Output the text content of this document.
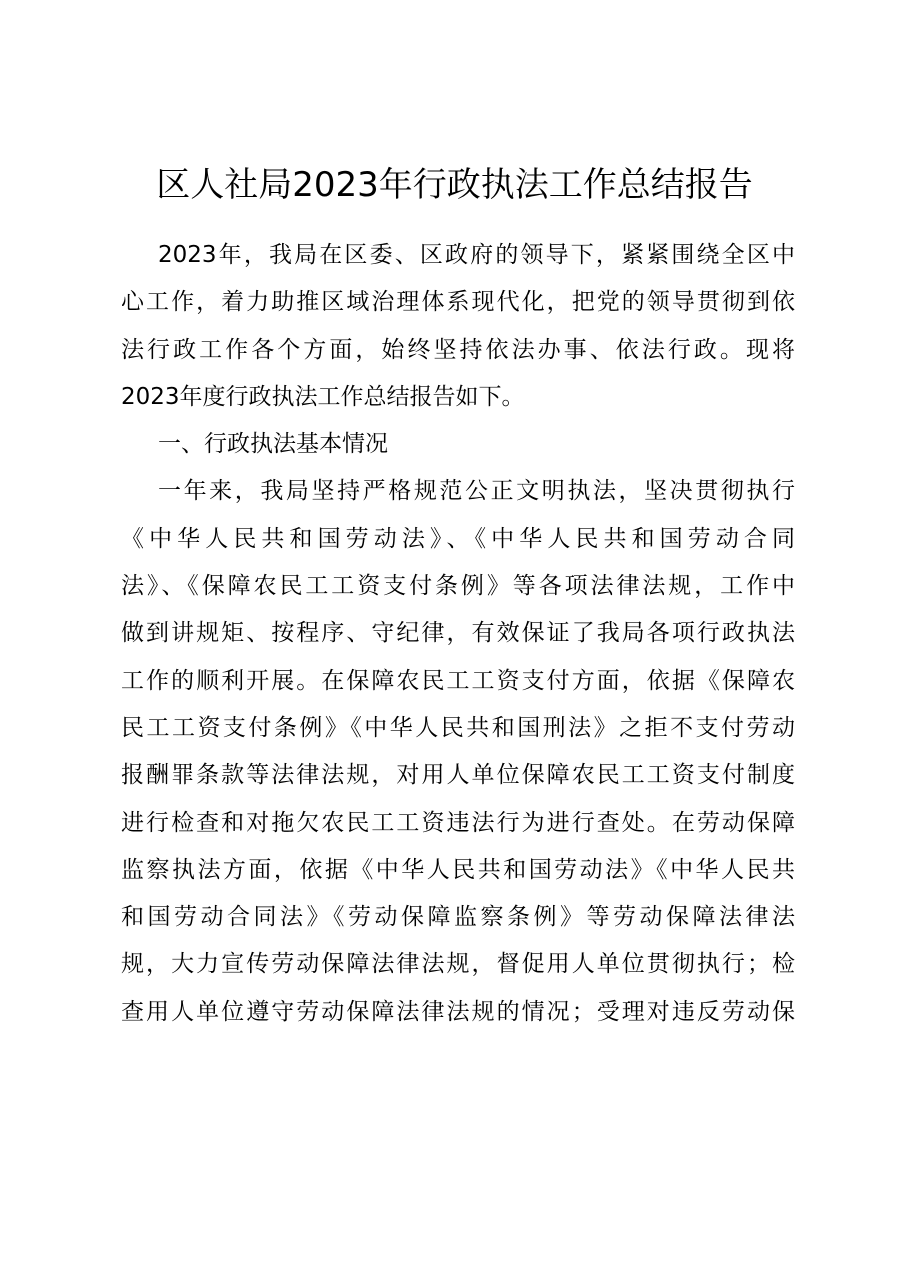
区人社局2023年行政执法工作总结报告
2023年，我局在区委、区政府的领导下，紧紧围绕全区中
心工作，着力助推区域治理体系现代化，把党的领导贯彻到依
法行政工作各个方面，始终坚持依法办事、依法行政。现将
2023年度行政执法工作总结报告如下。
一、行政执法基本情况
一年来，我局坚持严格规范公正文明执法，坚决贯彻执行
《中华人民共和国劳动法》、《中华人民共和国劳动合同
法》、《保障农民工工资支付条例》等各项法律法规，工作中
做到讲规矩、按程序、守纪律，有效保证了我局各项行政执法
工作的顺利开展。在保障农民工工资支付方面，依据《保障农
民工工资支付条例》《中华人民共和国刑法》之拒不支付劳动
报酬罪条款等法律法规，对用人单位保障农民工工资支付制度
进行检查和对拖欠农民工工资违法行为进行查处。在劳动保障
监察执法方面，依据《中华人民共和国劳动法》《中华人民共
和国劳动合同法》《劳动保障监察条例》等劳动保障法律法
规，大力宣传劳动保障法律法规，督促用人单位贯彻执行；检
查用人单位遵守劳动保障法律法规的情况；受理对违反劳动保
